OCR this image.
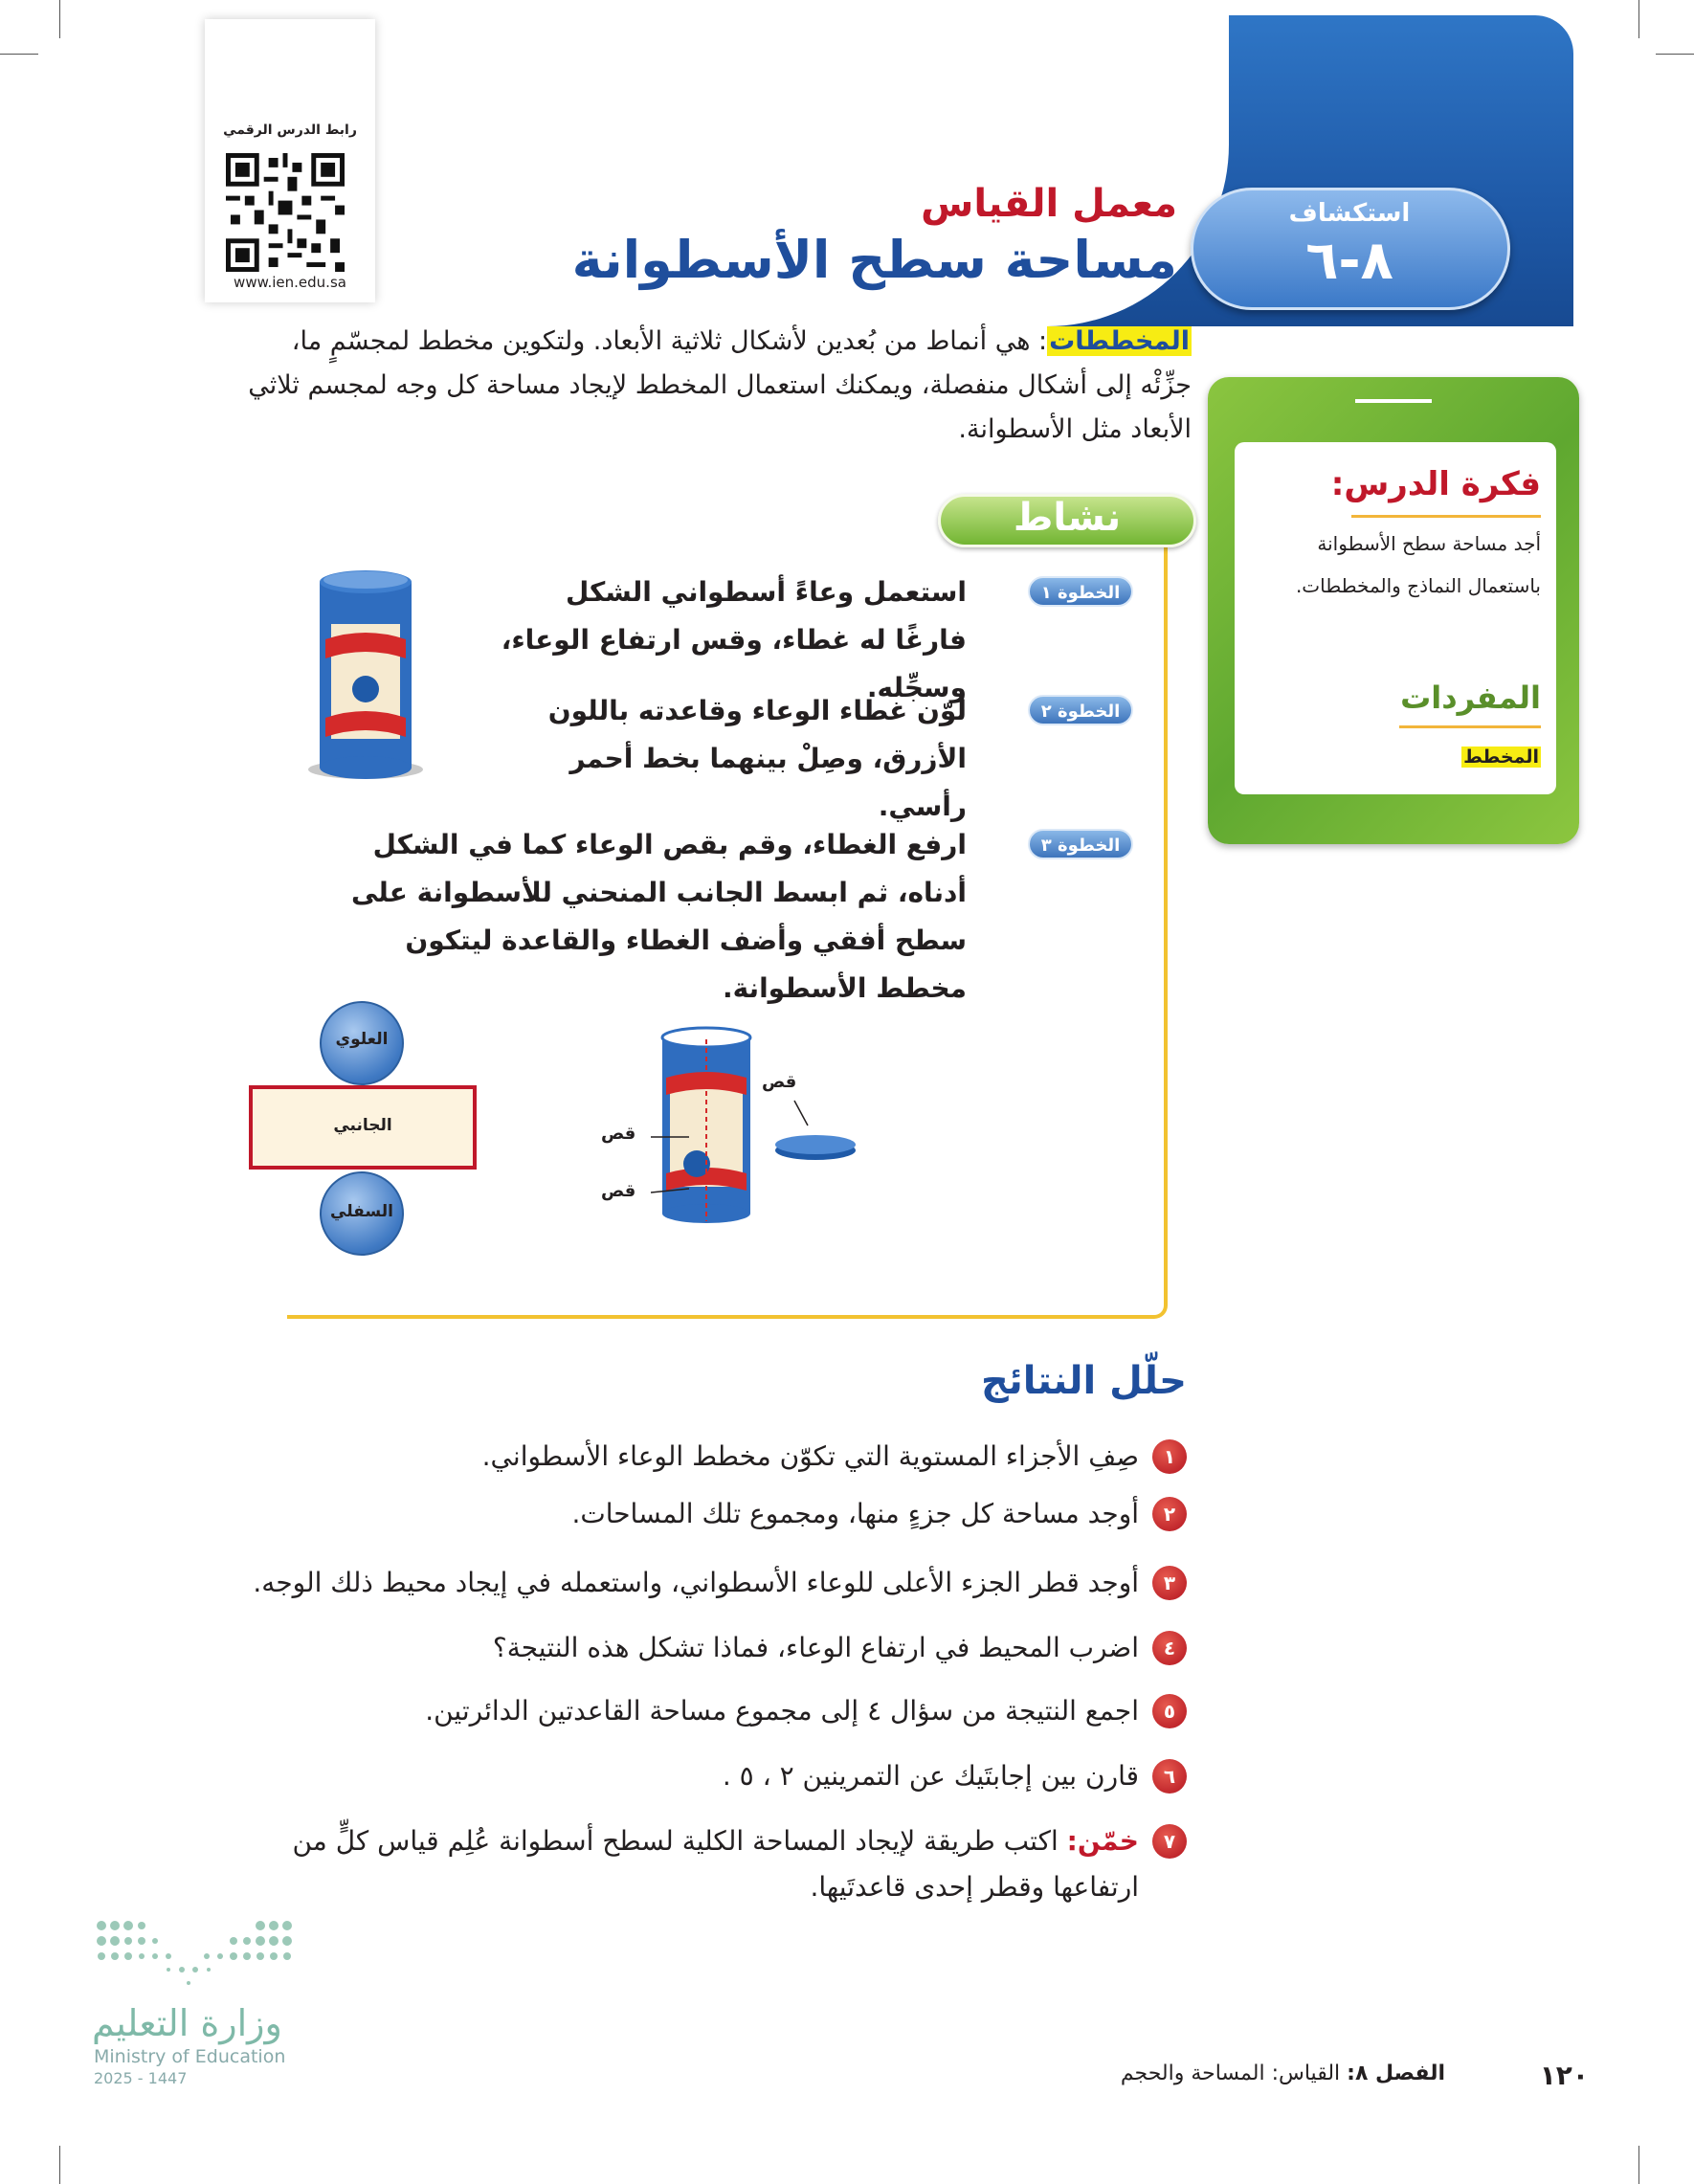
استكشاف
٨-٦
معمل القياس
مساحة سطح الأسطوانة
رابط الدرس الرقمي
www.ien.edu.sa
المخططات: هي أنماط من بُعدين لأشكال ثلاثية الأبعاد. ولتكوين مخطط لمجسّمٍ ما، جزِّئْه إلى أشكال منفصلة، ويمكنك استعمال المخطط لإيجاد مساحة كل وجه لمجسم ثلاثي الأبعاد مثل الأسطوانة.
فكرة الدرس:
أجد مساحة سطح الأسطوانة باستعمال النماذج والمخططات.
المفردات
المخطط
نشاط
الخطوة ١
استعمل وعاءً أسطواني الشكل فارغًا له غطاء، وقس ارتفاع الوعاء، وسجِّله.
الخطوة ٢
لوّن غطاء الوعاء وقاعدته باللون الأزرق، وصِلْ بينهما بخط أحمر رأسي.
الخطوة ٣
ارفع الغطاء، وقم بقص الوعاء كما في الشكل أدناه، ثم ابسط الجانب المنحني للأسطوانة على سطح أفقي وأضف الغطاء والقاعدة ليتكون مخطط الأسطوانة.
العلوي
الجانبي
السفلي
قص
قص
قص
حلّل النتائج
١
صِفِ الأجزاء المستوية التي تكوّن مخطط الوعاء الأسطواني.
٢
أوجد مساحة كل جزءٍ منها، ومجموع تلك المساحات.
٣
أوجد قطر الجزء الأعلى للوعاء الأسطواني، واستعمله في إيجاد محيط ذلك الوجه.
٤
اضرب المحيط في ارتفاع الوعاء، فماذا تشكل هذه النتيجة؟
٥
اجمع النتيجة من سؤال ٤ إلى مجموع مساحة القاعدتين الدائرتين.
٦
قارن بين إجابتَيك عن التمرينين ٢ ، ٥ .
٧
خمّن: اكتب طريقة لإيجاد المساحة الكلية لسطح أسطوانة عُلِم قياس كلٍّ من ارتفاعها وقطر إحدى قاعدتَيها.
١٢٠
الفصل ٨: القياس: المساحة والحجم
وزارة التعليم
Ministry of Education
2025 - 1447
